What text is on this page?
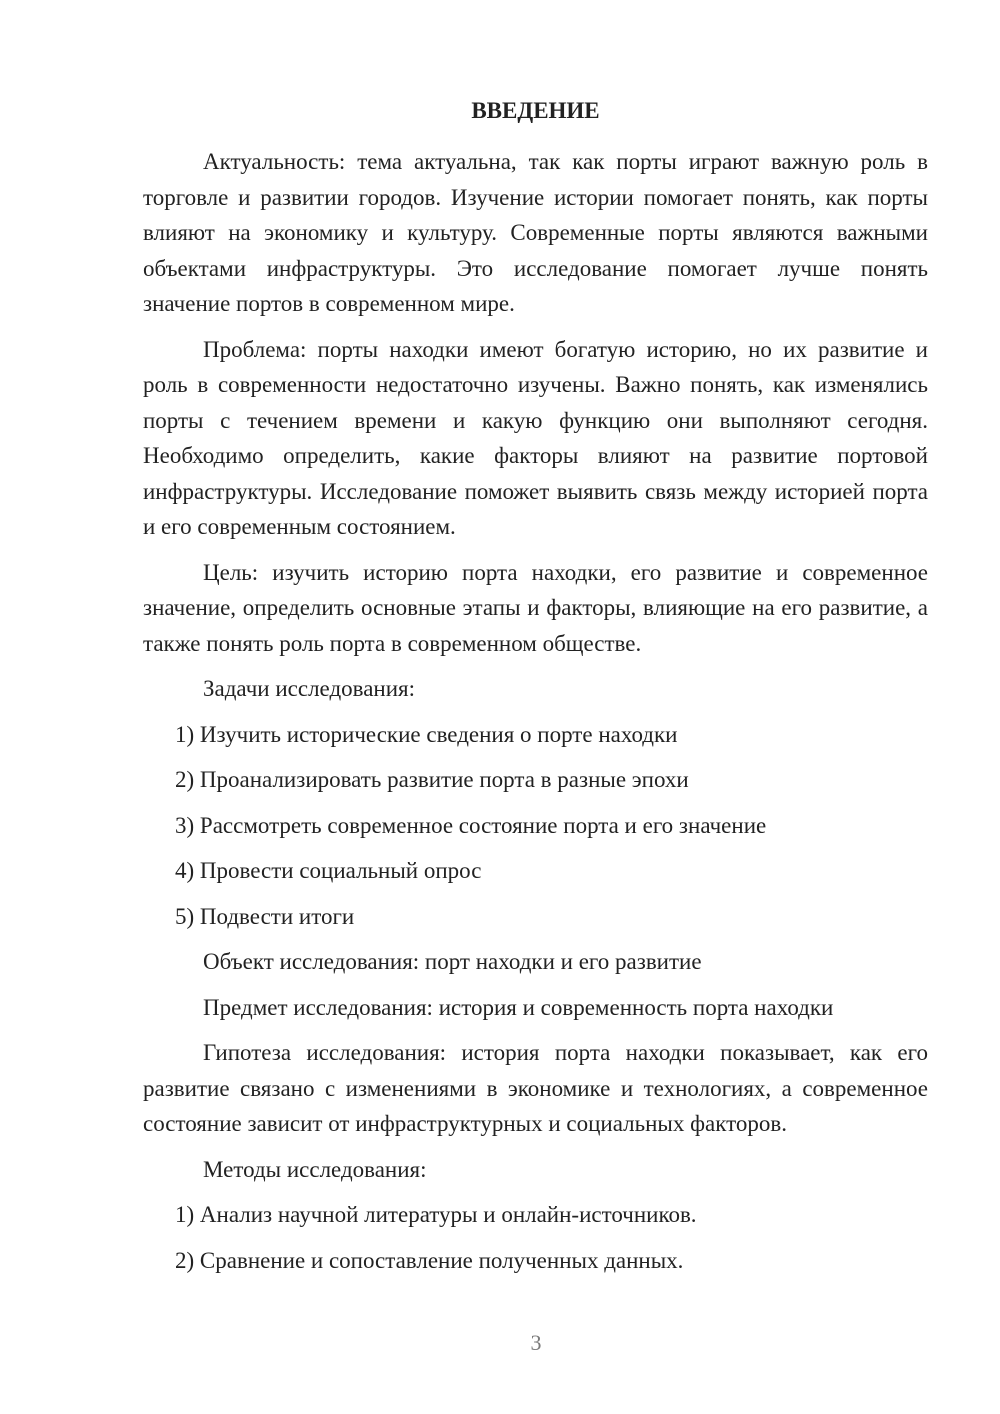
ВВЕДЕНИЕ

Актуальность: тема актуальна, так как порты играют важную роль в торговле и развитии городов. Изучение истории помогает понять, как порты влияют на экономику и культуру. Современные порты являются важными объектами инфраструктуры. Это исследование помогает лучше понять значение портов в современном мире.

Проблема: порты находки имеют богатую историю, но их развитие и роль в современности недостаточно изучены. Важно понять, как изменялись порты с течением времени и какую функцию они выполняют сегодня. Необходимо определить, какие факторы влияют на развитие портовой инфраструктуры. Исследование поможет выявить связь между историей порта и его современным состоянием.

Цель: изучить историю порта находки, его развитие и современное значение, определить основные этапы и факторы, влияющие на его развитие, а также понять роль порта в современном обществе.

Задачи исследования:
1) Изучить исторические сведения о порте находки
2) Проанализировать развитие порта в разные эпохи
3) Рассмотреть современное состояние порта и его значение
4) Провести социальный опрос
5) Подвести итоги
Объект исследования: порт находки и его развитие
Предмет исследования: история и современность порта находки

Гипотеза исследования: история порта находки показывает, как его развитие связано с изменениями в экономике и технологиях, а современное состояние зависит от инфраструктурных и социальных факторов.

Методы исследования:
1) Анализ научной литературы и онлайн-источников.
2) Сравнение и сопоставление полученных данных.
3
